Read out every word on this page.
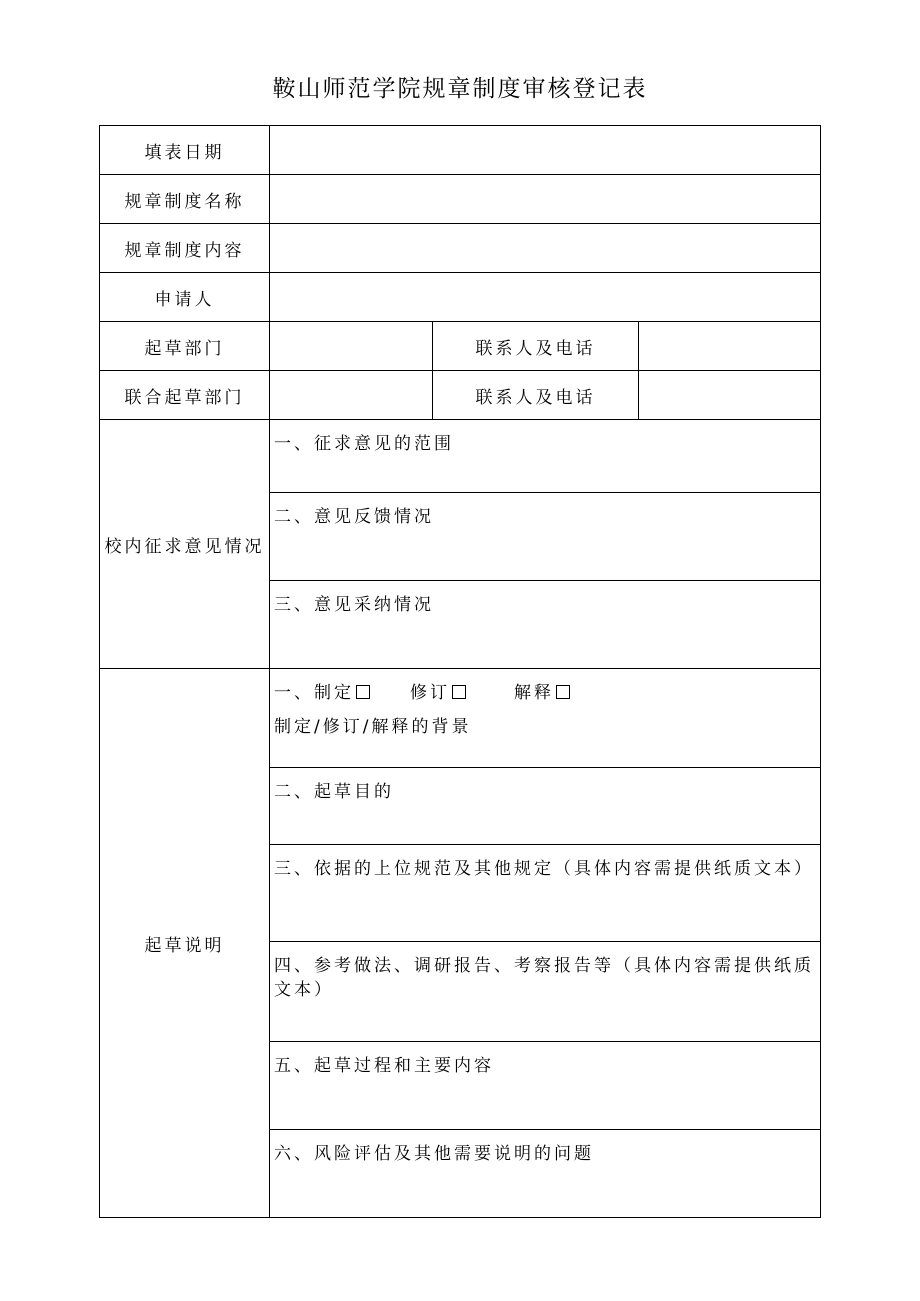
鞍山师范学院规章制度审核登记表
填表日期			
规章制度名称			
规章制度内容			
申请人			
起草部门		联系人及电话	
联合起草部门		联系人及电话	
校内征求意见情况	一、征求意见的范围		

	二、意见反馈情况		

	三、意见采纳情况		

起草说明	一、制定 修订 解释
制定/修订/解释的背景		

	二、起草目的		

	三、依据的上位规范及其他规定（具体内容需提供纸质文本）		

	四、参考做法、调研报告、考察报告等（具体内容需提供纸质文本）		

	五、起草过程和主要内容		

	六、风险评估及其他需要说明的问题		
